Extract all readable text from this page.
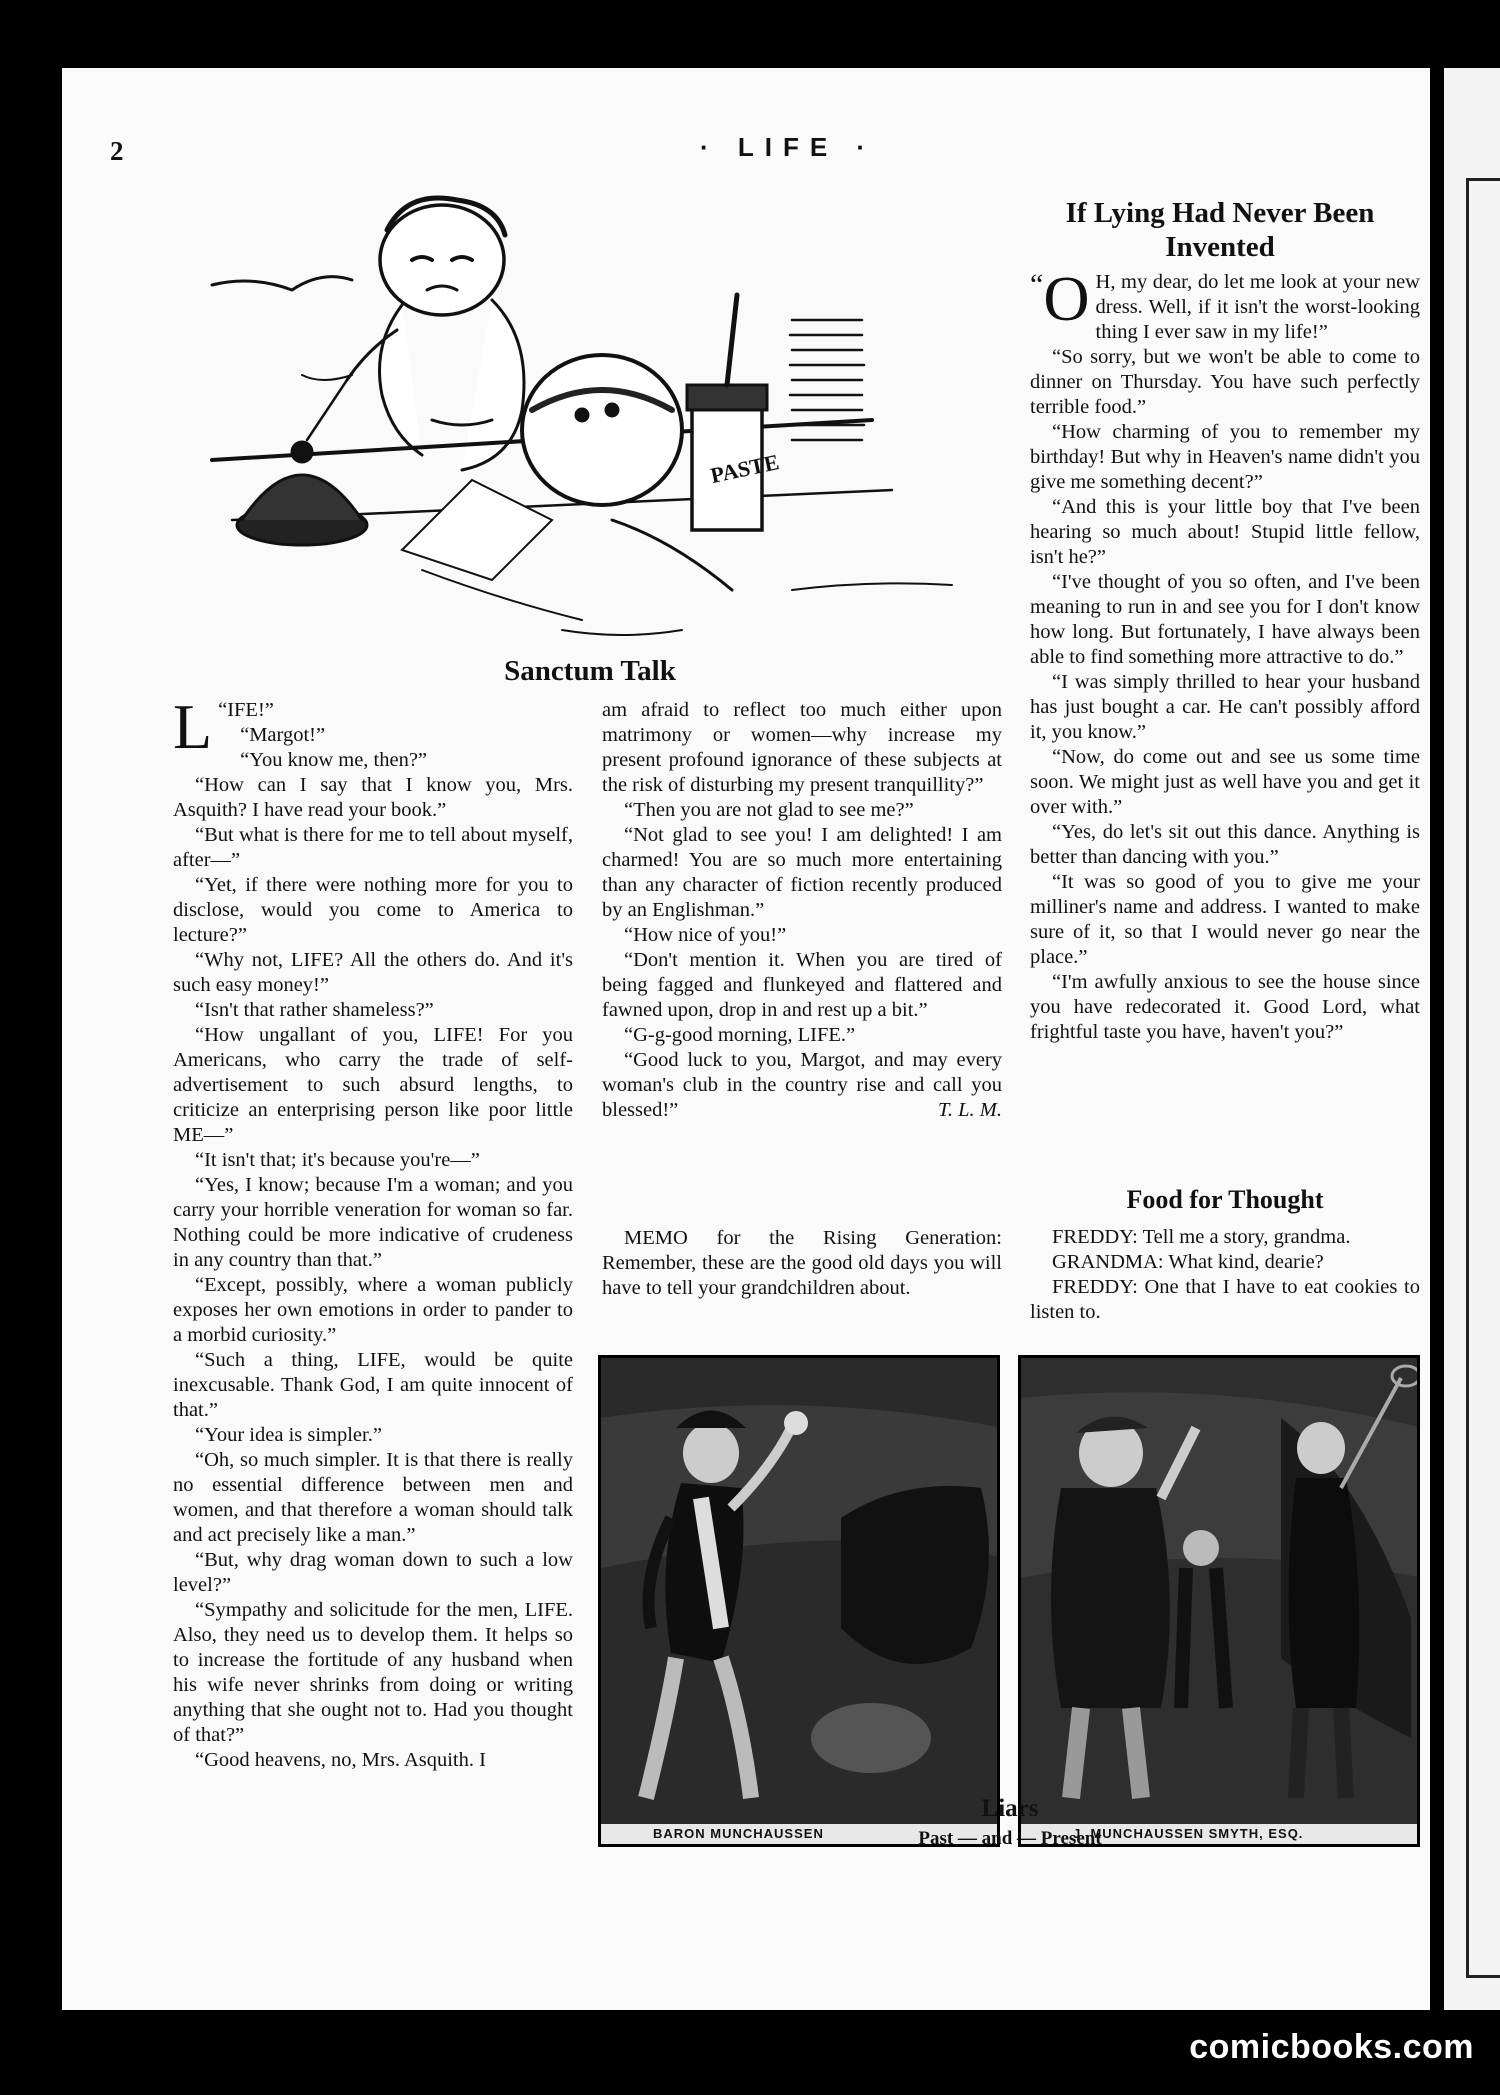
2	· LIFE ·
PASTE
Sanctum Talk

L “IFE!”

“Margot!”

“You know me, then?”

“How can I say that I know you, Mrs. Asquith? I have read your book.”

“But what is there for me to tell about myself, after—”

“Yet, if there were nothing more for you to disclose, would you come to America to lecture?”

“Why not, LIFE? All the others do. And it's such easy money!”

“Isn't that rather shameless?”

“How ungallant of you, LIFE! For you Americans, who carry the trade of self-advertisement to such absurd lengths, to criticize an enterprising person like poor little ME—”

“It isn't that; it's because you're—”

“Yes, I know; because I'm a woman; and you carry your horrible veneration for woman so far. Nothing could be more indicative of crudeness in any country than that.”

“Except, possibly, where a woman publicly exposes her own emotions in order to pander to a morbid curiosity.”

“Such a thing, LIFE, would be quite inexcusable. Thank God, I am quite innocent of that.”

“Your idea is simpler.”

“Oh, so much simpler. It is that there is really no essential difference between men and women, and that therefore a woman should talk and act precisely like a man.”

“But, why drag woman down to such a low level?”

“Sympathy and solicitude for the men, LIFE. Also, they need us to develop them. It helps so to increase the fortitude of any husband when his wife never shrinks from doing or writing anything that she ought not to. Had you thought of that?”

“Good heavens, no, Mrs. Asquith. I

am afraid to reflect too much either upon matrimony or women—why increase my present profound ignorance of these subjects at the risk of disturbing my present tranquillity?”

“Then you are not glad to see me?”

“Not glad to see you! I am delighted! I am charmed! You are so much more entertaining than any character of fiction recently produced by an Englishman.”

“How nice of you!”

“Don't mention it. When you are tired of being fagged and flunkeyed and flattered and fawned upon, drop in and rest up a bit.”

“G-g-good morning, LIFE.”

“Good luck to you, Margot, and may every woman's club in the country rise and call you blessed!”	T. L. M.

If Lying Had Never Been Invented

“ O H, my dear, do let me look at your new dress. Well, if it isn't the worst-looking thing I ever saw in my life!”

“So sorry, but we won't be able to come to dinner on Thursday. You have such perfectly terrible food.”

“How charming of you to remember my birthday! But why in Heaven's name didn't you give me something decent?”

“And this is your little boy that I've been hearing so much about! Stupid little fellow, isn't he?”

“I've thought of you so often, and I've been meaning to run in and see you for I don't know how long. But fortunately, I have always been able to find something more attractive to do.”

“I was simply thrilled to hear your husband has just bought a car. He can't possibly afford it, you know.”

“Now, do come out and see us some time soon. We might just as well have you and get it over with.”

“Yes, do let's sit out this dance. Anything is better than dancing with you.”

“It was so good of you to give me your milliner's name and address. I wanted to make sure of it, so that I would never go near the place.”

“I'm awfully anxious to see the house since you have redecorated it. Good Lord, what frightful taste you have, haven't you?”

MEMO for the Rising Generation: Remember, these are the good old days you will have to tell your grandchildren about.

Food for Thought

FREDDY: Tell me a story, grandma.

GRANDMA: What kind, dearie?

FREDDY: One that I have to eat cookies to listen to.

BARON MUNCHAUSSEN	J. MUNCHAUSSEN SMYTH, ESQ.
Liars
Past — and — Present
comicbooks.com
